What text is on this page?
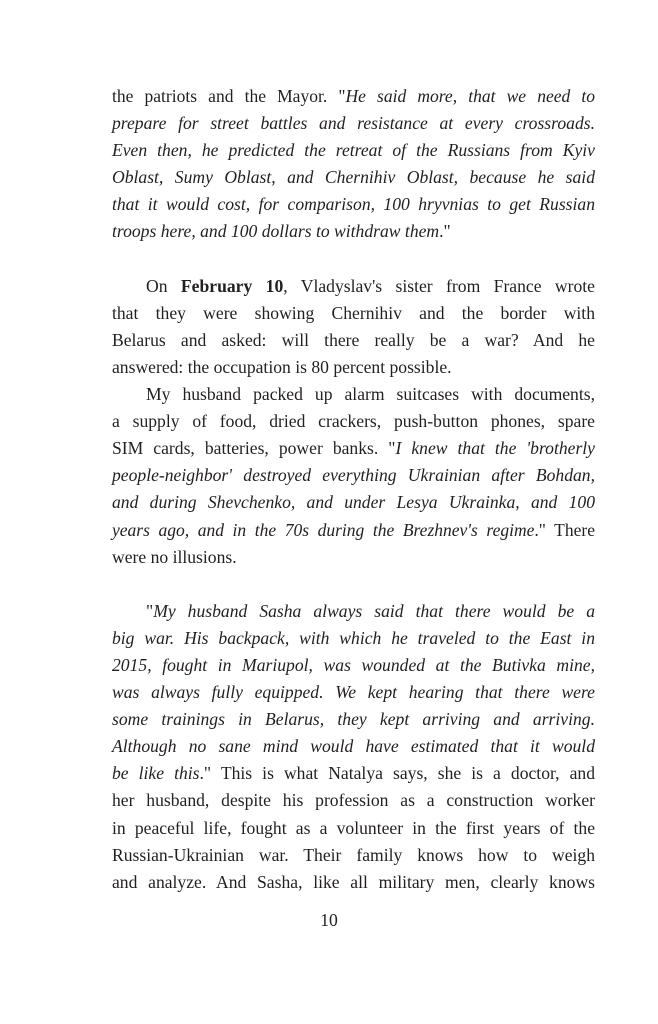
the patriots and the Mayor. "He said more, that we need to
prepare for street battles and resistance at every crossroads.
Even then, he predicted the retreat of the Russians from Kyiv
Oblast, Sumy Oblast, and Chernihiv Oblast, because he said
that it would cost, for comparison, 100 hryvnias to get Russian
troops here, and 100 dollars to withdraw them."
On February 10, Vladyslav's sister from France wrote
that they were showing Chernihiv and the border with
Belarus and asked: will there really be a war? And he
answered: the occupation is 80 percent possible.
My husband packed up alarm suitcases with documents,
a supply of food, dried crackers, push-button phones, spare
SIM cards, batteries, power banks. "I knew that the 'brotherly
people-neighbor' destroyed everything Ukrainian after Bohdan,
and during Shevchenko, and under Lesya Ukrainka, and 100
years ago, and in the 70s during the Brezhnev's regime." There
were no illusions.
"My husband Sasha always said that there would be a
big war. His backpack, with which he traveled to the East in
2015, fought in Mariupol, was wounded at the Butivka mine,
was always fully equipped. We kept hearing that there were
some trainings in Belarus, they kept arriving and arriving.
Although no sane mind would have estimated that it would
be like this." This is what Natalya says, she is a doctor, and
her husband, despite his profession as a construction worker
in peaceful life, fought as a volunteer in the first years of the
Russian-Ukrainian war. Their family knows how to weigh
and analyze. And Sasha, like all military men, clearly knows
10
